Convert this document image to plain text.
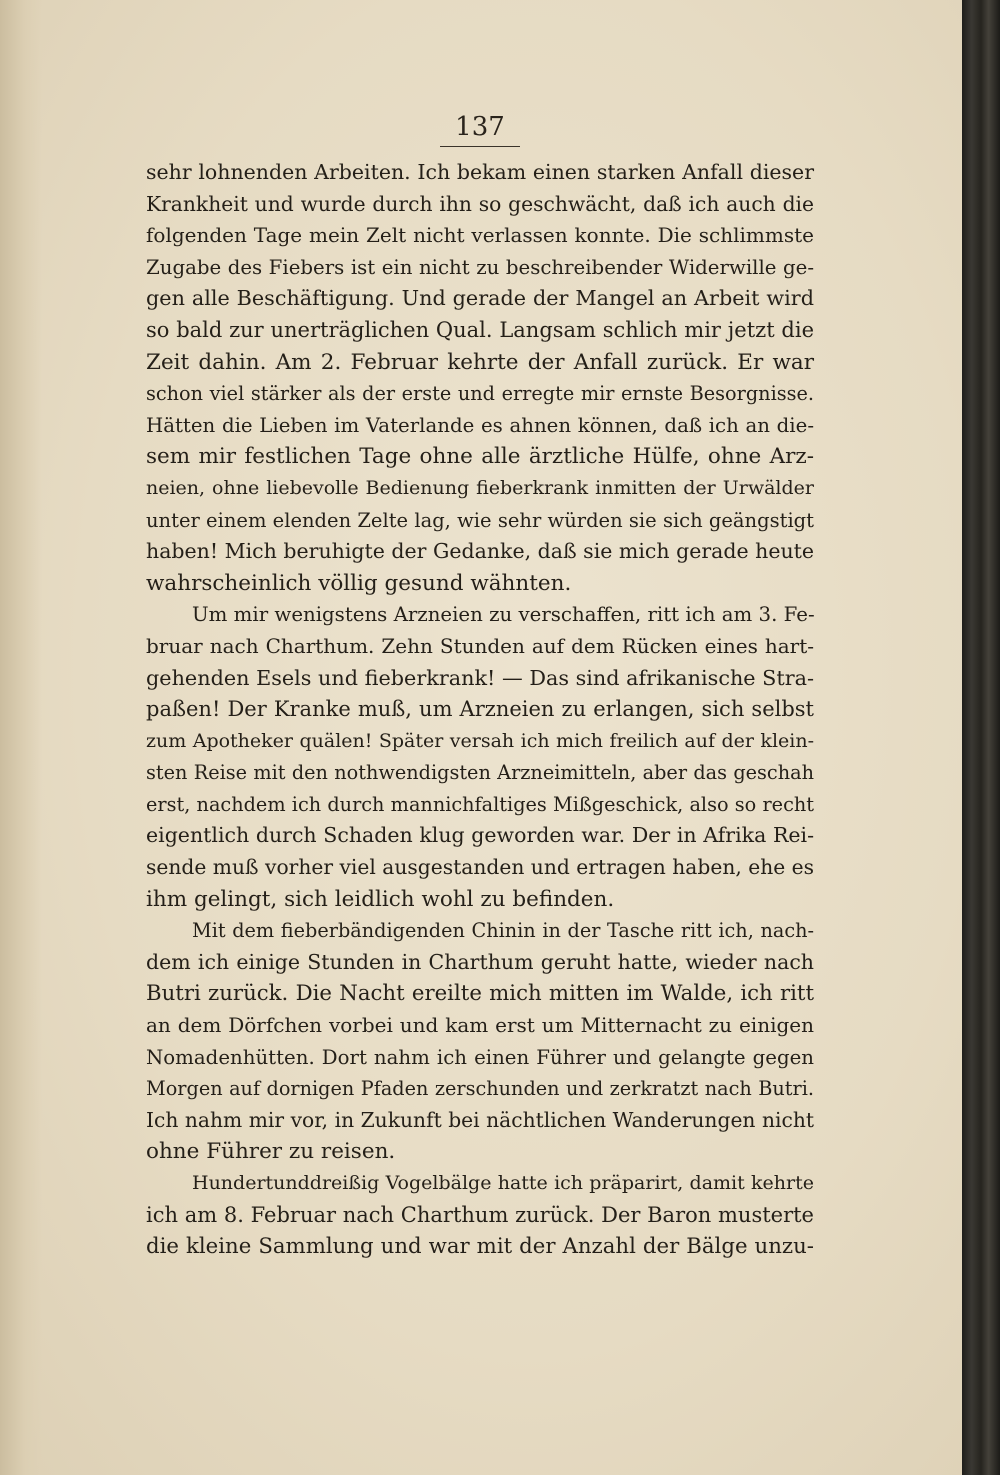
137
sehr lohnenden Arbeiten. Ich bekam einen starken Anfall dieser
Krankheit und wurde durch ihn so geschwächt, daß ich auch die
folgenden Tage mein Zelt nicht verlassen konnte. Die schlimmste
Zugabe des Fiebers ist ein nicht zu beschreibender Widerwille ge-
gen alle Beschäftigung. Und gerade der Mangel an Arbeit wird
so bald zur unerträglichen Qual. Langsam schlich mir jetzt die
Zeit dahin. Am 2. Februar kehrte der Anfall zurück. Er war
schon viel stärker als der erste und erregte mir ernste Besorgnisse.
Hätten die Lieben im Vaterlande es ahnen können, daß ich an die-
sem mir festlichen Tage ohne alle ärztliche Hülfe, ohne Arz-
neien, ohne liebevolle Bedienung fieberkrank inmitten der Urwälder
unter einem elenden Zelte lag, wie sehr würden sie sich geängstigt
haben! Mich beruhigte der Gedanke, daß sie mich gerade heute
wahrscheinlich völlig gesund wähnten.
Um mir wenigstens Arzneien zu verschaffen, ritt ich am 3. Fe-
bruar nach Charthum. Zehn Stunden auf dem Rücken eines hart-
gehenden Esels und fieberkrank! — Das sind afrikanische Stra-
paßen! Der Kranke muß, um Arzneien zu erlangen, sich selbst
zum Apotheker quälen! Später versah ich mich freilich auf der klein-
sten Reise mit den nothwendigsten Arzneimitteln, aber das geschah
erst, nachdem ich durch mannichfaltiges Mißgeschick, also so recht
eigentlich durch Schaden klug geworden war. Der in Afrika Rei-
sende muß vorher viel ausgestanden und ertragen haben, ehe es
ihm gelingt, sich leidlich wohl zu befinden.
Mit dem fieberbändigenden Chinin in der Tasche ritt ich, nach-
dem ich einige Stunden in Charthum geruht hatte, wieder nach
Butri zurück. Die Nacht ereilte mich mitten im Walde, ich ritt
an dem Dörfchen vorbei und kam erst um Mitternacht zu einigen
Nomadenhütten. Dort nahm ich einen Führer und gelangte gegen
Morgen auf dornigen Pfaden zerschunden und zerkratzt nach Butri.
Ich nahm mir vor, in Zukunft bei nächtlichen Wanderungen nicht
ohne Führer zu reisen.
Hundertunddreißig Vogelbälge hatte ich präparirt, damit kehrte
ich am 8. Februar nach Charthum zurück. Der Baron musterte
die kleine Sammlung und war mit der Anzahl der Bälge unzu-
